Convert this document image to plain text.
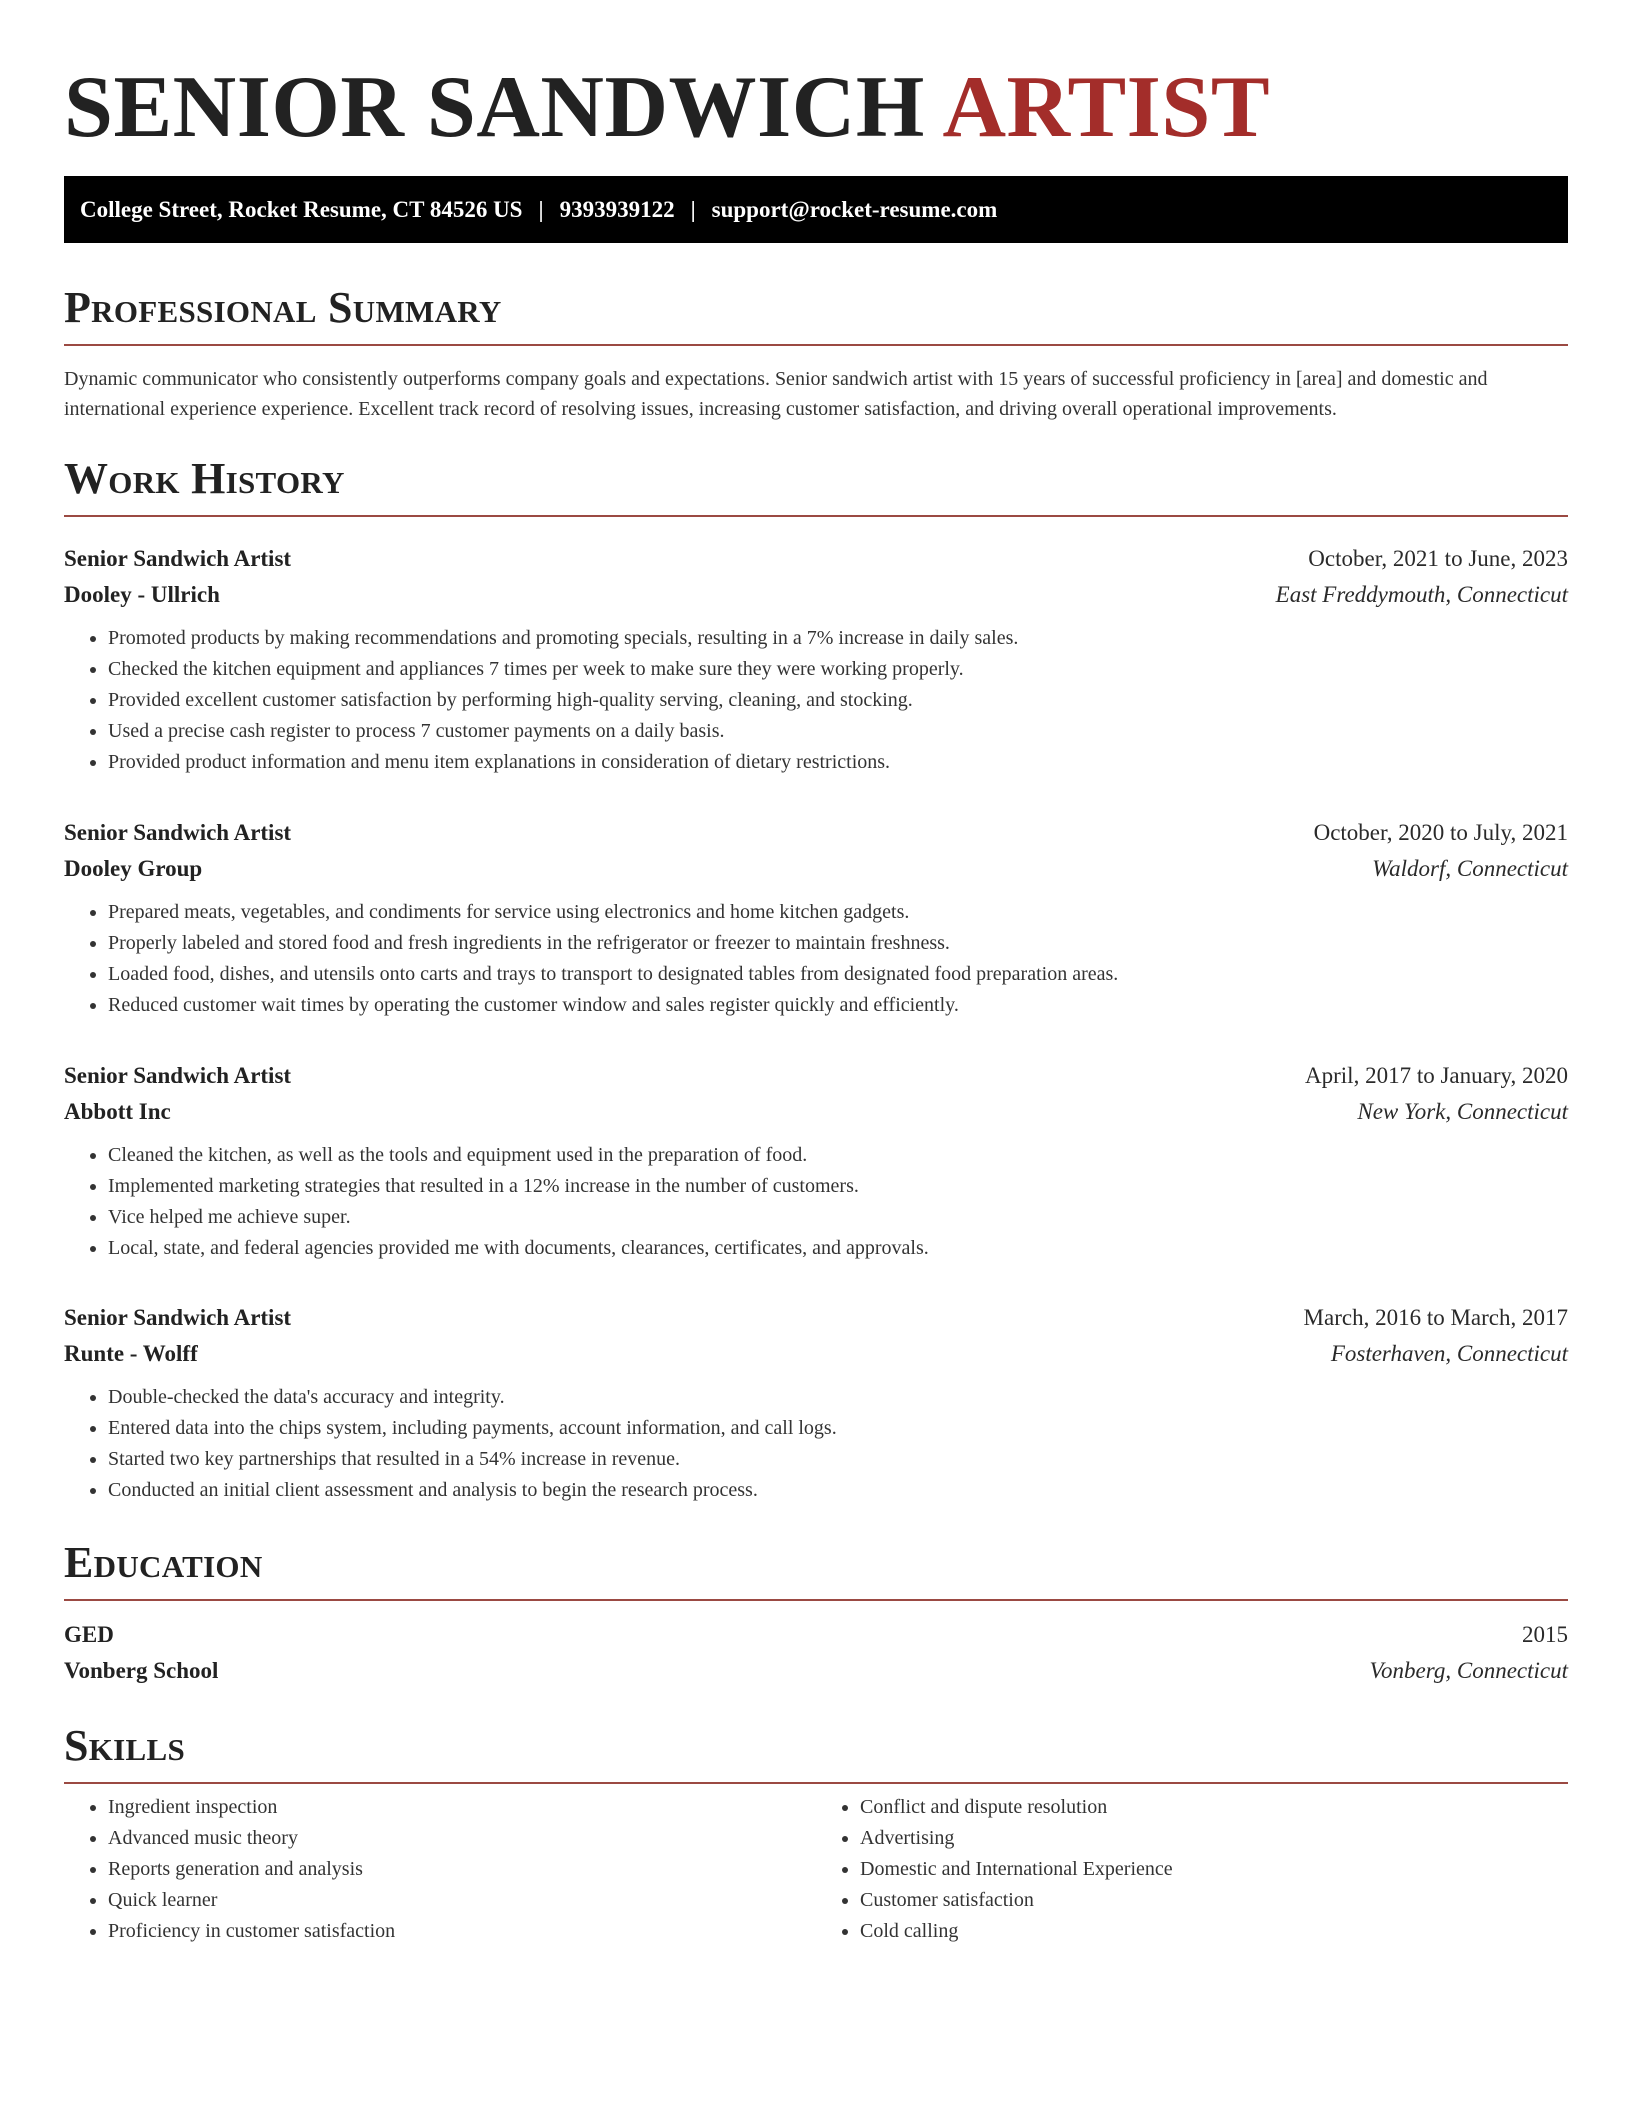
SENIOR SANDWICH ARTIST
College Street, Rocket Resume, CT 84526 US | 9393939122 | support@rocket-resume.com
Professional Summary

Dynamic communicator who consistently outperforms company goals and expectations. Senior sandwich artist with 15 years of successful proficiency in [area] and domestic and international experience experience. Excellent track record of resolving issues, increasing customer satisfaction, and driving overall operational improvements.

Work History
Senior Sandwich Artist	October, 2021 to June, 2023
Dooley - Ullrich	East Freddymouth, Connecticut
• Promoted products by making recommendations and promoting specials, resulting in a 7% increase in daily sales.
• Checked the kitchen equipment and appliances 7 times per week to make sure they were working properly.
• Provided excellent customer satisfaction by performing high-quality serving, cleaning, and stocking.
• Used a precise cash register to process 7 customer payments on a daily basis.
• Provided product information and menu item explanations in consideration of dietary restrictions.
Senior Sandwich Artist	October, 2020 to July, 2021
Dooley Group	Waldorf, Connecticut
• Prepared meats, vegetables, and condiments for service using electronics and home kitchen gadgets.
• Properly labeled and stored food and fresh ingredients in the refrigerator or freezer to maintain freshness.
• Loaded food, dishes, and utensils onto carts and trays to transport to designated tables from designated food preparation areas.
• Reduced customer wait times by operating the customer window and sales register quickly and efficiently.
Senior Sandwich Artist	April, 2017 to January, 2020
Abbott Inc	New York, Connecticut
• Cleaned the kitchen, as well as the tools and equipment used in the preparation of food.
• Implemented marketing strategies that resulted in a 12% increase in the number of customers.
• Vice helped me achieve super.
• Local, state, and federal agencies provided me with documents, clearances, certificates, and approvals.
Senior Sandwich Artist	March, 2016 to March, 2017
Runte - Wolff	Fosterhaven, Connecticut
• Double-checked the data's accuracy and integrity.
• Entered data into the chips system, including payments, account information, and call logs.
• Started two key partnerships that resulted in a 54% increase in revenue.
• Conducted an initial client assessment and analysis to begin the research process.
Education
GED	2015
Vonberg School	Vonberg, Connecticut
Skills
• Ingredient inspection
• Advanced music theory
• Reports generation and analysis
• Quick learner
• Proficiency in customer satisfaction
• Conflict and dispute resolution
• Advertising
• Domestic and International Experience
• Customer satisfaction
• Cold calling
